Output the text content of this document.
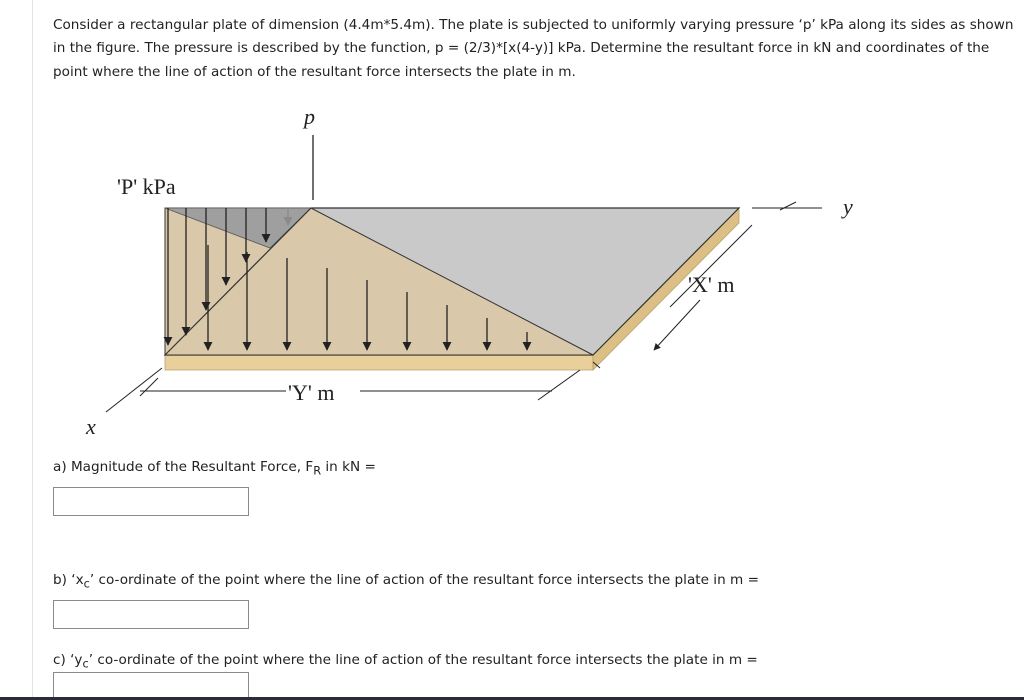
Consider a rectangular plate of dimension (4.4m*5.4m). The plate is subjected to uniformly varying pressure ‘p’ kPa along its sides as shown in the figure. The pressure is described by the function, p = (2/3)*[x(4-y)] kPa. Determine the resultant force in kN and coordinates of the point where the line of action of the resultant force intersects the plate in m.

p
'P' kPa
y
'X' m
'Y' m
x
a) Magnitude of the Resultant Force, $F_R$ in kN =
b) ‘$x_c$’ co-ordinate of the point where the line of action of the resultant force intersects the plate in m =
c) ‘$y_c$’ co-ordinate of the point where the line of action of the resultant force intersects the plate in m =
